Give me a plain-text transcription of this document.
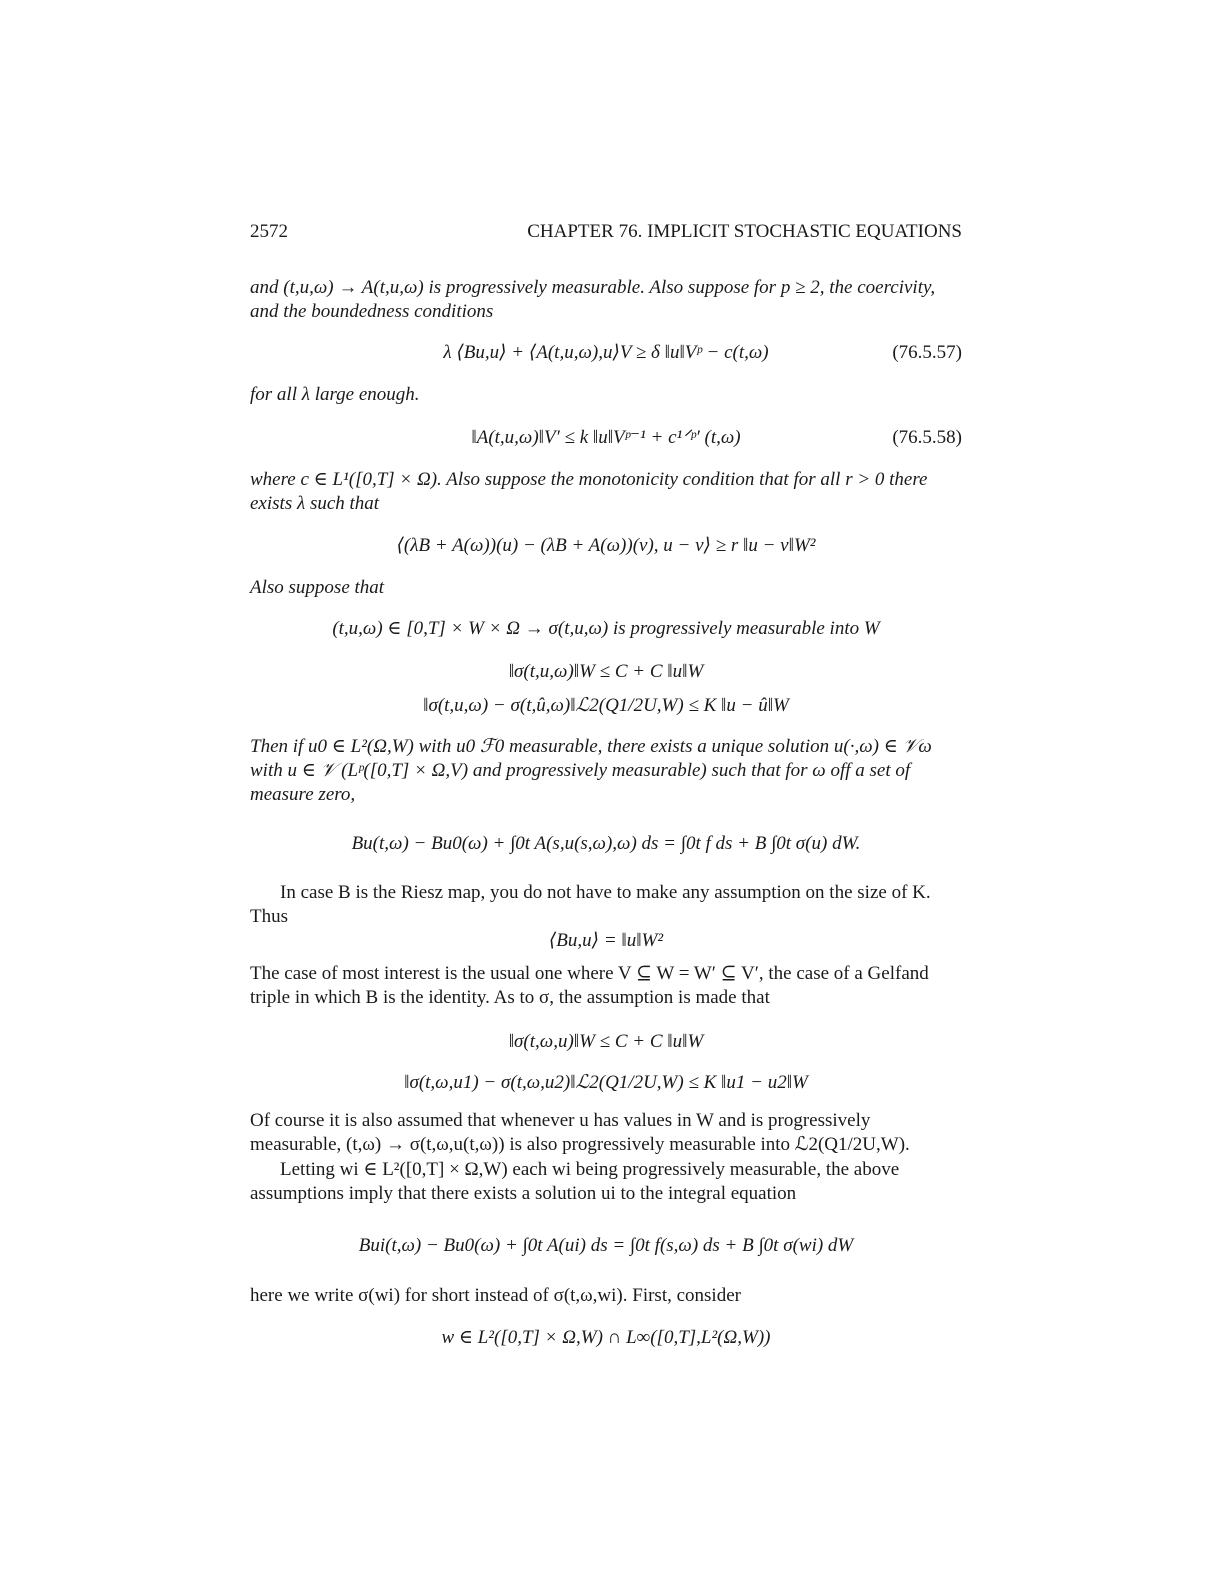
2572	CHAPTER 76. IMPLICIT STOCHASTIC EQUATIONS
and (t,u,ω) → A(t,u,ω) is progressively measurable. Also suppose for p ≥ 2, the coercivity, and the boundedness conditions
λ ⟨Bu,u⟩ + ⟨A(t,u,ω),u⟩V ≥ δ ‖u‖Vᵖ − c(t,ω)	(76.5.57)
for all λ large enough.
‖A(t,u,ω)‖V′ ≤ k ‖u‖Vᵖ⁻¹ + c¹ᐟᵖ′ (t,ω)	(76.5.58)
where c ∈ L¹([0,T] × Ω). Also suppose the monotonicity condition that for all r > 0 there exists λ such that
⟨(λB + A(ω))(u) − (λB + A(ω))(v), u − v⟩ ≥ r ‖u − v‖W²
Also suppose that
(t,u,ω) ∈ [0,T] × W × Ω → σ(t,u,ω) is progressively measurable into W
‖σ(t,u,ω)‖W ≤ C + C ‖u‖W
‖σ(t,u,ω) − σ(t,û,ω)‖ℒ2(Q1/2U,W) ≤ K ‖u − û‖W
Then if u0 ∈ L²(Ω,W) with u0 ℱ0 measurable, there exists a unique solution u(·,ω) ∈ 𝒱ω with u ∈ 𝒱 (Lᵖ([0,T] × Ω,V) and progressively measurable) such that for ω off a set of measure zero,
Bu(t,ω) − Bu0(ω) + ∫0t A(s,u(s,ω),ω) ds = ∫0t f ds + B ∫0t σ(u) dW.
In case B is the Riesz map, you do not have to make any assumption on the size of K. Thus
⟨Bu,u⟩ = ‖u‖W²
The case of most interest is the usual one where V ⊆ W = W′ ⊆ V′, the case of a Gelfand triple in which B is the identity. As to σ, the assumption is made that
‖σ(t,ω,u)‖W ≤ C + C ‖u‖W
‖σ(t,ω,u1) − σ(t,ω,u2)‖ℒ2(Q1/2U,W) ≤ K ‖u1 − u2‖W
Of course it is also assumed that whenever u has values in W and is progressively measurable, (t,ω) → σ(t,ω,u(t,ω)) is also progressively measurable into ℒ2(Q1/2U,W).
Letting wi ∈ L²([0,T] × Ω,W) each wi being progressively measurable, the above assumptions imply that there exists a solution ui to the integral equation
Bui(t,ω) − Bu0(ω) + ∫0t A(ui) ds = ∫0t f(s,ω) ds + B ∫0t σ(wi) dW
here we write σ(wi) for short instead of σ(t,ω,wi). First, consider
w ∈ L²([0,T] × Ω,W) ∩ L∞([0,T],L²(Ω,W))
